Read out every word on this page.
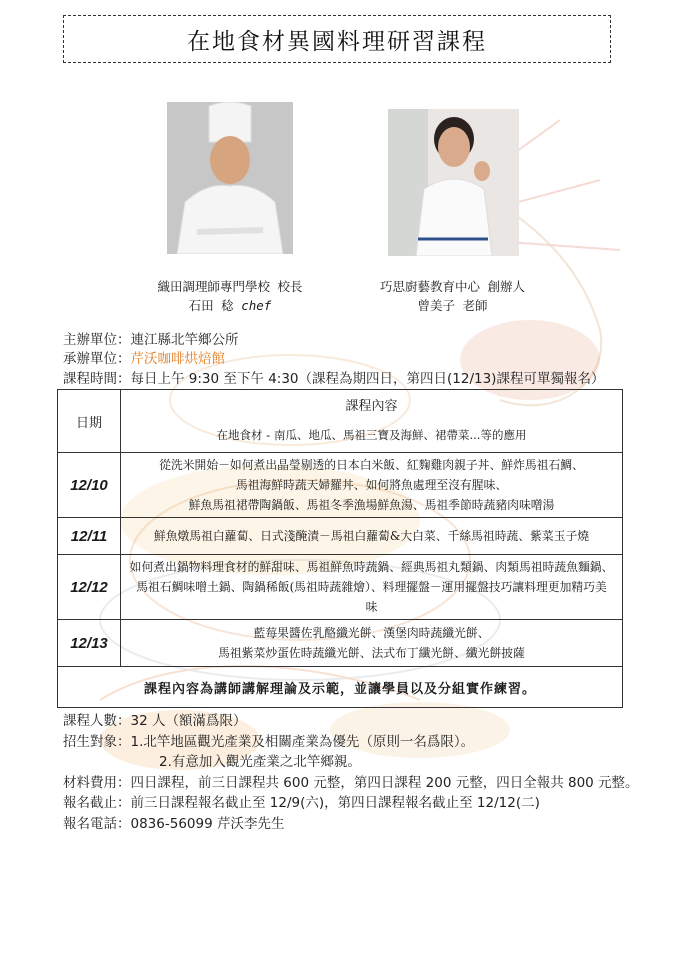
在地食材異國料理研習課程
織田調理師專門學校 校長
石田 稔 chef
巧思廚藝教育中心 創辦人
曾美子 老師
主辦單位：連江縣北竿鄉公所
承辦單位：芹沃咖啡烘焙館
課程時間：每日上午 9:30 至下午 4:30（課程為期四日，第四日(12/13)課程可單獨報名）
日期	課程內容
在地食材 - 南瓜、地瓜、馬祖三寶及海鮮、裙帶菜...等的應用

12/10	從洗米開始－如何煮出晶瑩剔透的日本白米飯、紅麴雞肉親子丼、鮮炸馬祖石鯛、
馬祖海鮮時蔬天婦羅丼、如何將魚處理至沒有腥味、
鮮魚馬祖裙帶陶鍋飯、馬祖冬季漁場鮮魚湯、馬祖季節時蔬豬肉味噌湯

12/11	鮮魚燉馬祖白蘿蔔、日式淺醃漬－馬祖白蘿蔔&大白菜、千絲馬祖時蔬、紫菜玉子燒

12/12	如何煮出鍋物料理食材的鮮甜味、馬祖鮮魚時蔬鍋、經典馬祖丸類鍋、肉類馬祖時蔬魚麵鍋、
馬祖石鯛味噌土鍋、陶鍋稀飯(馬祖時蔬雜燴）、料理擺盤－運用擺盤技巧讓料理更加精巧美
味

12/13	藍莓果醬佐乳酪纖光餅、漢堡肉時蔬纖光餅、
馬祖紫菜炒蛋佐時蔬纖光餅、法式布丁纖光餅、纖光餅披薩

課程內容為講師講解理論及示範，並讓學員以及分組實作練習。	
課程人數：32 人（額滿爲限）
招生對象：1.北竿地區觀光產業及相關產業為優先（原則一名爲限）。
2.有意加入觀光產業之北竿鄉親。
材料費用：四日課程，前三日課程共 600 元整，第四日課程 200 元整，四日全報共 800 元整。
報名截止：前三日課程報名截止至 12/9(六)，第四日課程報名截止至 12/12(二)
報名電話：0836-56099 芹沃李先生
